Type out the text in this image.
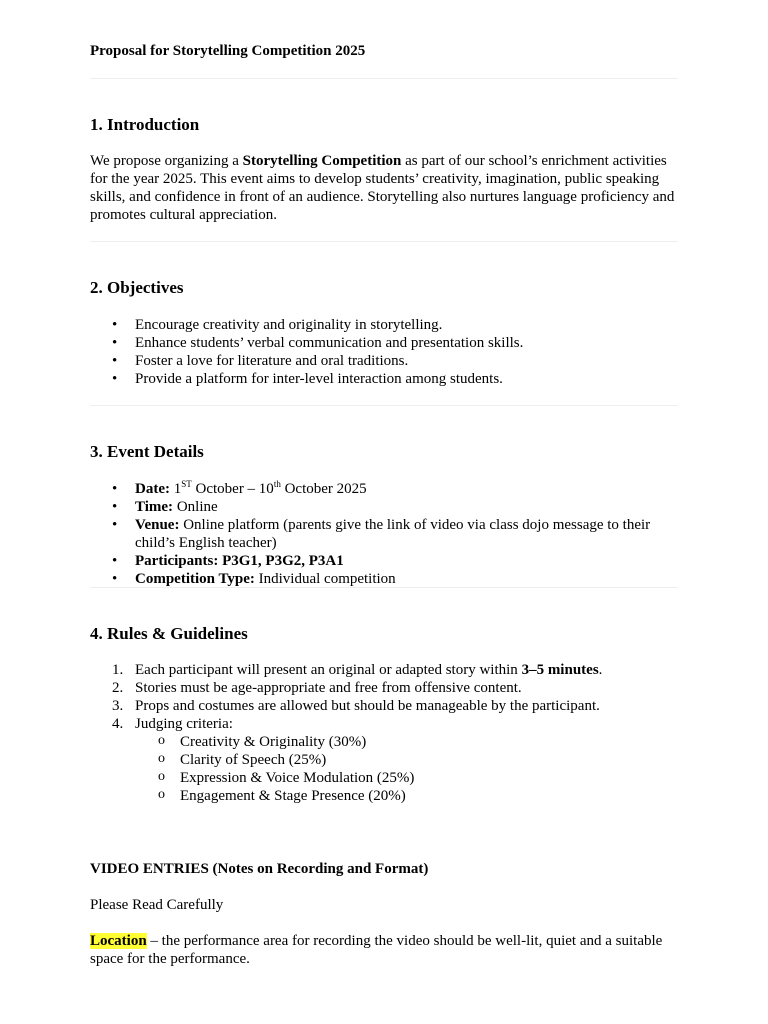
Proposal for Storytelling Competition 2025
1. Introduction
We propose organizing a Storytelling Competition as part of our school’s enrichment activities for the year 2025. This event aims to develop students’ creativity, imagination, public speaking skills, and confidence in front of an audience. Storytelling also nurtures language proficiency and promotes cultural appreciation.
2. Objectives
• Encourage creativity and originality in storytelling.
• Enhance students’ verbal communication and presentation skills.
• Foster a love for literature and oral traditions.
• Provide a platform for inter-level interaction among students.
3. Event Details
• Date: 1ST October – 10th October 2025
• Time: Online
• Venue: Online platform (parents give the link of video via class dojo message to their child’s English teacher)
• Participants: P3G1, P3G2, P3A1
• Competition Type: Individual competition
4. Rules & Guidelines
1. Each participant will present an original or adapted story within 3–5 minutes.
2. Stories must be age-appropriate and free from offensive content.
3. Props and costumes are allowed but should be manageable by the participant.
4. Judging criteria:
o Creativity & Originality (30%)
o Clarity of Speech (25%)
o Expression & Voice Modulation (25%)
o Engagement & Stage Presence (20%)
VIDEO ENTRIES (Notes on Recording and Format)
Please Read Carefully
Location – the performance area for recording the video should be well-lit, quiet and a suitable space for the performance.
